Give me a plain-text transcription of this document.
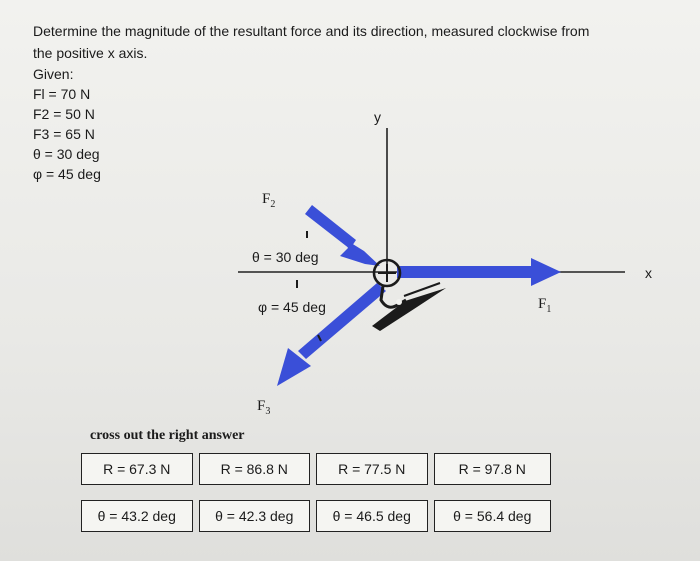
Determine the magnitude of the resultant force and its direction, measured clockwise from
the positive x axis.
Given:
Fl = 70 N
F2 = 50 N
F3 = 65 N
θ = 30 deg
φ = 45 deg
y
x
θ = 30 deg
φ = 45 deg
$F_2$
$F_1$
$F_3$
cross out the right answer
R = 67.3 N	R = 86.8 N	R = 77.5 N	R = 97.8 N
θ = 43.2 deg	θ = 42.3 deg	θ = 46.5 deg	θ = 56.4 deg
